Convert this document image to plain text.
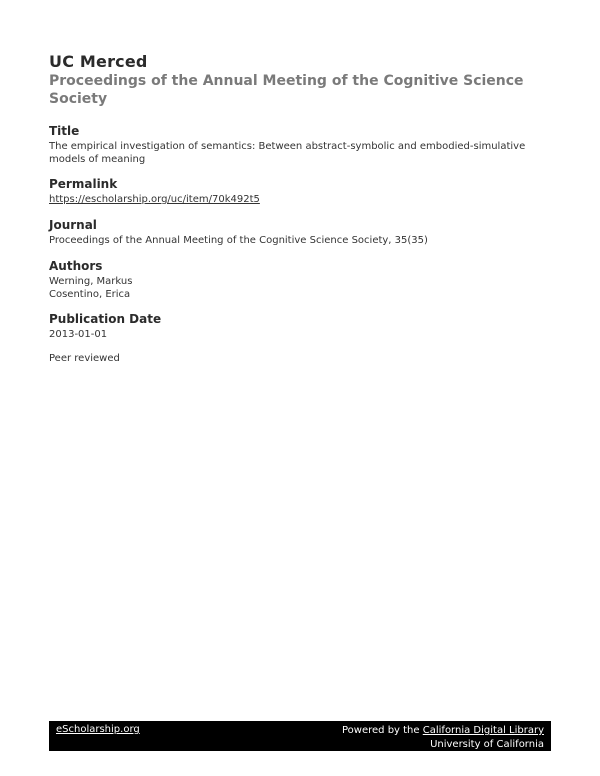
UC Merced
Proceedings of the Annual Meeting of the Cognitive Science Society
Title
The empirical investigation of semantics: Between abstract-symbolic and embodied-simulative models of meaning
Permalink
https://escholarship.org/uc/item/70k492t5
Journal
Proceedings of the Annual Meeting of the Cognitive Science Society, 35(35)
Authors
Werning, Markus
Cosentino, Erica
Publication Date
2013-01-01
Peer reviewed
eScholarship.org	Powered by the California Digital Library
University of California
